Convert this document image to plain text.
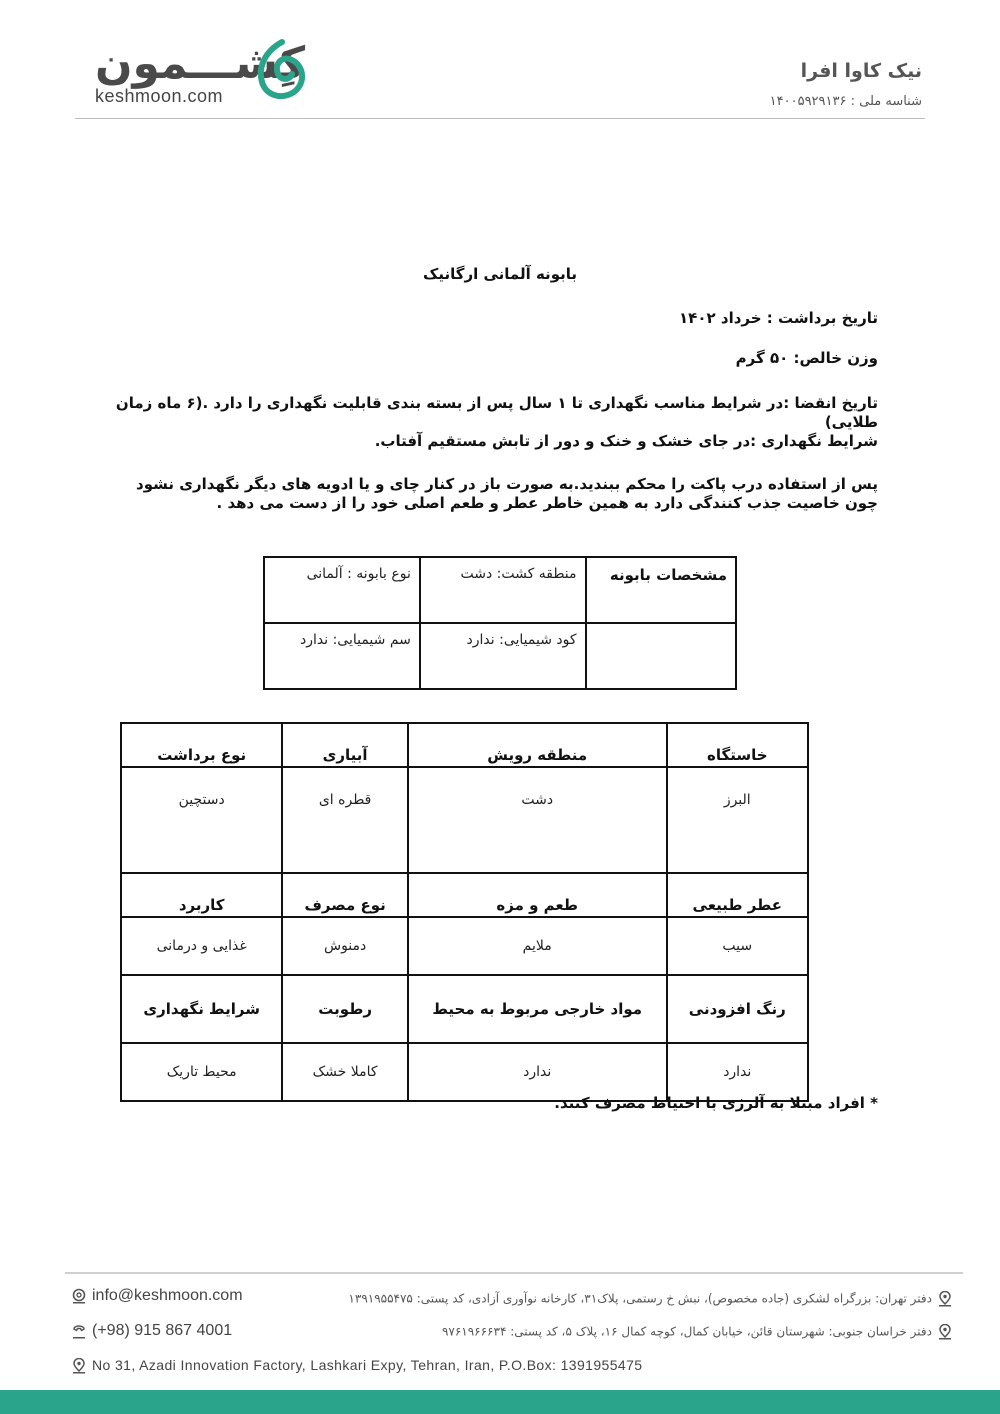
کِشـــمون
keshmoon.com
نیک کاوا افرا
شناسه ملی : ۱۴۰۰۵۹۲۹۱۳۶
بابونه آلمانی ارگانیک
تاریخ برداشت : خرداد ۱۴۰۲
وزن خالص: ۵۰ گرم
تاریخ انقضا :در شرایط مناسب نگهداری تا ۱ سال پس از بسته بندی قابلیت نگهداری را دارد .(۶ ماه زمان طلایی)
شرایط نگهداری :در جای خشک و خنک و دور از تابش مستقیم آفتاب.
پس از استفاده درب پاکت را محکم ببندید.به صورت باز در کنار چای و یا ادویه های دیگر نگهداری نشود چون خاصیت جذب کنندگی دارد به همین خاطر عطر و طعم اصلی خود را از دست می دهد .
مشخصات بابونه	منطقه کشت: دشت	نوع بابونه : آلمانی
	کود شیمیایی: ندارد	سم شیمیایی: ندارد
خاستگاه	منطقه رویش	آبیاری	نوع برداشت
البرز	دشت	قطره ای	دستچین
عطر طبیعی	طعم و مزه	نوع مصرف	کاربرد
سیب	ملایم	دمنوش	غذایی و درمانی
رنگ افزودنی	مواد خارجی مربوط به محیط	رطوبت	شرایط نگهداری
ندارد	ندارد	کاملا خشک	محیط تاریک
* افراد مبتلا به آلرژی با احتیاط مصرف کنند.
info@keshmoon.com
(+98) 915 867 4001
No 31, Azadi Innovation Factory, Lashkari Expy, Tehran, Iran, P.O.Box: 1391955475
دفتر تهران: بزرگراه لشکری (جاده مخصوص)، نبش خ رستمی، پلاک۳۱، کارخانه نوآوری آزادی، کد پستی: ۱۳۹۱۹۵۵۴۷۵
دفتر خراسان جنوبی: شهرستان قائن، خیابان کمال، کوچه کمال ۱۶، پلاک ۵، کد پستی: ۹۷۶۱۹۶۶۶۳۴
